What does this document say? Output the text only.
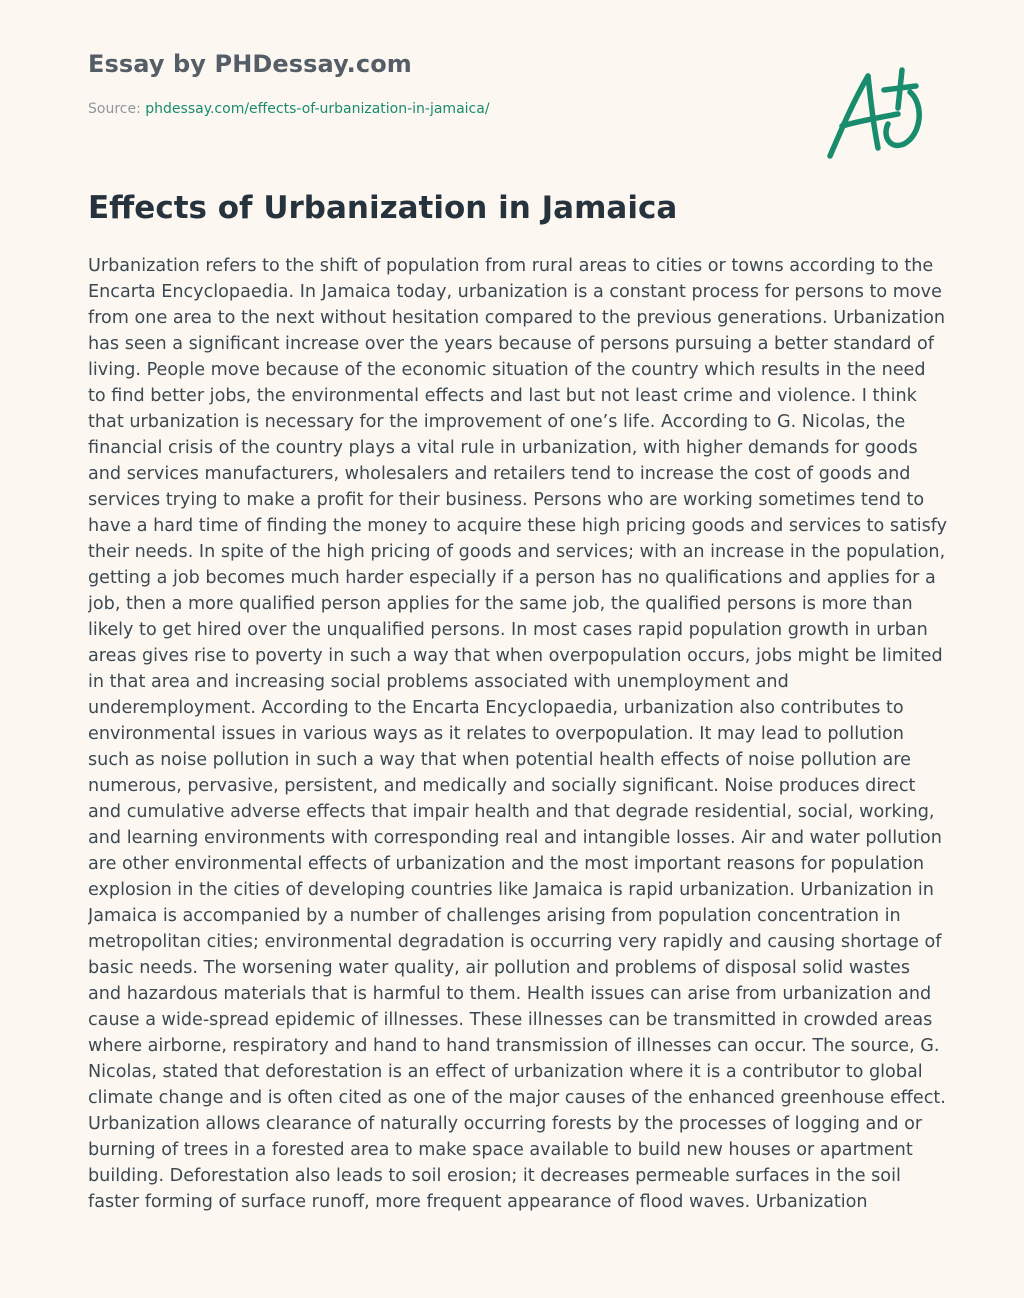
Essay by PHDessay.com
Source: phdessay.com/effects-of-urbanization-in-jamaica/
Effects of Urbanization in Jamaica

Urbanization refers to the shift of population from rural areas to cities or towns according to the Encarta Encyclopaedia. In Jamaica today, urbanization is a constant process for persons to move from one area to the next without hesitation compared to the previous generations. Urbanization has seen a significant increase over the years because of persons pursuing a better standard of living. People move because of the economic situation of the country which results in the need to find better jobs, the environmental effects and last but not least crime and violence. I think that urbanization is necessary for the improvement of one’s life. According to G. Nicolas, the financial crisis of the country plays a vital rule in urbanization, with higher demands for goods and services manufacturers, wholesalers and retailers tend to increase the cost of goods and services trying to make a profit for their business. Persons who are working sometimes tend to have a hard time of finding the money to acquire these high pricing goods and services to satisfy their needs. In spite of the high pricing of goods and services; with an increase in the population, getting a job becomes much harder especially if a person has no qualifications and applies for a job, then a more qualified person applies for the same job, the qualified persons is more than likely to get hired over the unqualified persons. In most cases rapid population growth in urban areas gives rise to poverty in such a way that when overpopulation occurs, jobs might be limited in that area and increasing social problems associated with unemployment and underemployment. According to the Encarta Encyclopaedia, urbanization also contributes to environmental issues in various ways as it relates to overpopulation. It may lead to pollution such as noise pollution in such a way that when potential health effects of noise pollution are numerous, pervasive, persistent, and medically and socially significant. Noise produces direct and cumulative adverse effects that impair health and that degrade residential, social, working, and learning environments with corresponding real and intangible losses. Air and water pollution are other environmental effects of urbanization and the most important reasons for population explosion in the cities of developing countries like Jamaica is rapid urbanization. Urbanization in Jamaica is accompanied by a number of challenges arising from population concentration in metropolitan cities; environmental degradation is occurring very rapidly and causing shortage of basic needs. The worsening water quality, air pollution and problems of disposal solid wastes and hazardous materials that is harmful to them. Health issues can arise from urbanization and cause a wide-spread epidemic of illnesses. These illnesses can be transmitted in crowded areas where airborne, respiratory and hand to hand transmission of illnesses can occur. The source, G. Nicolas, stated that deforestation is an effect of urbanization where it is a contributor to global climate change and is often cited as one of the major causes of the enhanced greenhouse effect. Urbanization allows clearance of naturally occurring forests by the processes of logging and or burning of trees in a forested area to make space available to build new houses or apartment building. Deforestation also leads to soil erosion; it decreases permeable surfaces in the soil faster forming of surface runoff, more frequent appearance of flood waves. Urbanization
